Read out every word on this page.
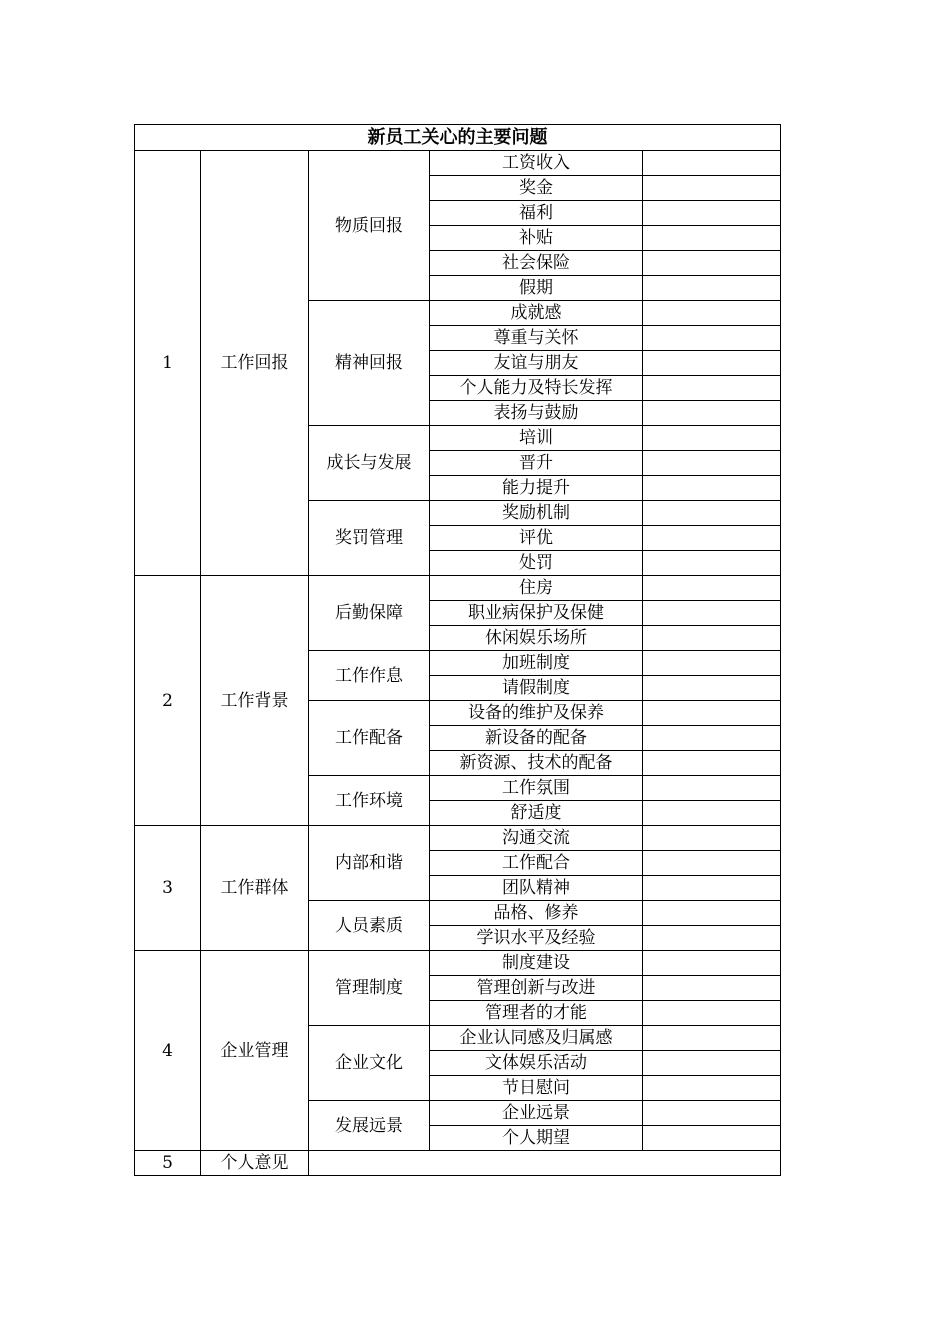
新员工关心的主要问题				
1	工作回报	物质回报	工资收入	
			奖金	
			福利	
			补贴	
			社会保险	
			假期	
		精神回报	成就感	
			尊重与关怀	
			友谊与朋友	
			个人能力及特长发挥	
			表扬与鼓励	
		成长与发展	培训	
			晋升	
			能力提升	
		奖罚管理	奖励机制	
			评优	
			处罚	
2	工作背景	后勤保障	住房	
			职业病保护及保健	
			休闲娱乐场所	
		工作作息	加班制度	
			请假制度	
		工作配备	设备的维护及保养	
			新设备的配备	
			新资源、技术的配备	
		工作环境	工作氛围	
			舒适度	
3	工作群体	内部和谐	沟通交流	
			工作配合	
			团队精神	
		人员素质	品格、修养	
			学识水平及经验	
4	企业管理	管理制度	制度建设	
			管理创新与改进	
			管理者的才能	
		企业文化	企业认同感及归属感	
			文体娱乐活动	
			节日慰问	
		发展远景	企业远景	
			个人期望	
5	个人意见			
